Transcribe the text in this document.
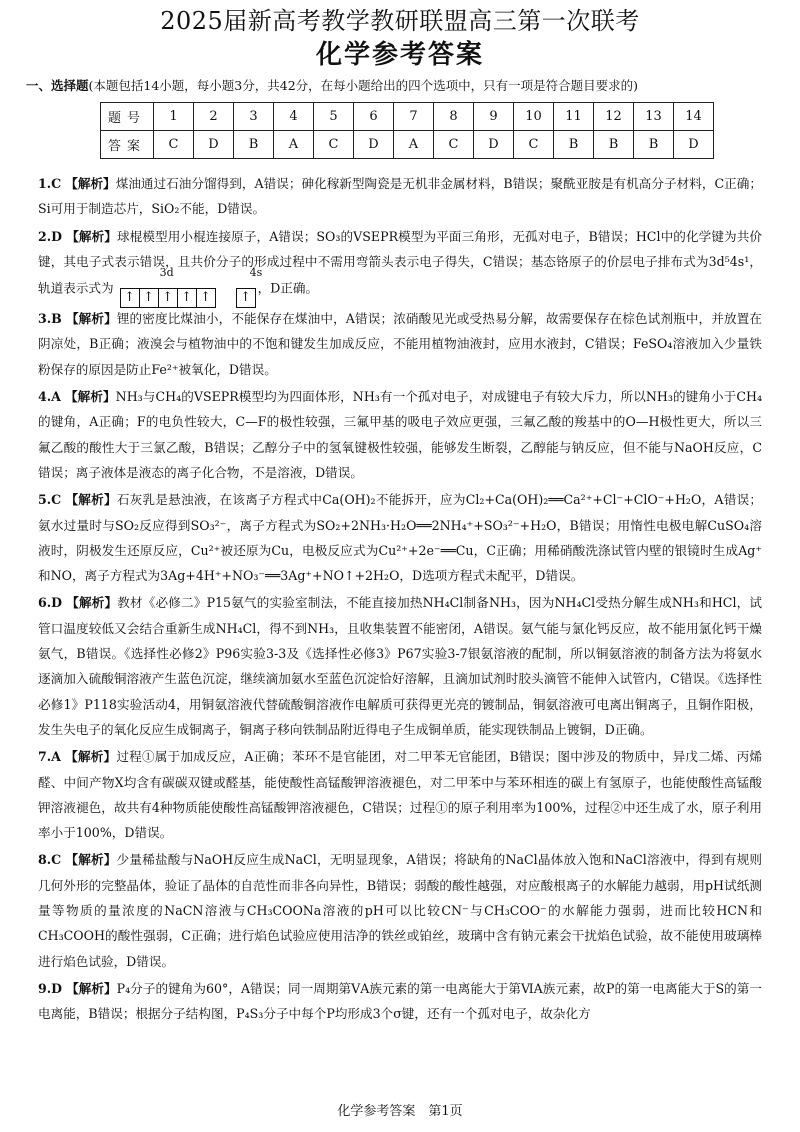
2025届新高考教学教研联盟高三第一次联考
化学参考答案
一、选择题(本题包括14小题，每小题3分，共42分，在每小题给出的四个选项中，只有一项是符合题目要求的)
题号	1	2	3	4	5	6	7	8	9	10	11	12	13	14
答案	C	D	B	A	C	D	A	C	D	C	B	B	B	D
1.C 【解析】煤油通过石油分馏得到，A错误；砷化稼新型陶瓷是无机非金属材料，B错误；聚酰亚胺是有机高分子材料，C正确；Si可用于制造芯片，SiO₂不能，D错误。
2.D 【解析】球棍模型用小棍连接原子，A错误；SO₃的VSEPR模型为平面三角形，无孤对电子，B错误；HCl中的化学键为共价键，其电子式表示错误，且共价分子的形成过程中不需用弯箭头表示电子得失，C错误；基态铬原子的价层电子排布式为3d⁵4s¹，轨道表示式为
3d
↑ ↑ ↑ ↑ ↑
4s
↑，D正确。
3.B 【解析】锂的密度比煤油小，不能保存在煤油中，A错误；浓硝酸见光或受热易分解，故需要保存在棕色试剂瓶中，并放置在阴凉处，B正确；液溴会与植物油中的不饱和键发生加成反应，不能用植物油液封，应用水液封，C错误；FeSO₄溶液加入少量铁粉保存的原因是防止Fe²⁺被氧化，D错误。
4.A 【解析】NH₃与CH₄的VSEPR模型均为四面体形，NH₃有一个孤对电子，对成键电子有较大斥力，所以NH₃的键角小于CH₄的键角，A正确；F的电负性较大，C—F的极性较强，三氟甲基的吸电子效应更强，三氟乙酸的羧基中的O—H极性更大，所以三氟乙酸的酸性大于三氯乙酸，B错误；乙醇分子中的氢氧键极性较强，能够发生断裂，乙醇能与钠反应，但不能与NaOH反应，C错误；离子液体是液态的离子化合物，不是溶液，D错误。
5.C 【解析】石灰乳是悬浊液，在该离子方程式中Ca(OH)₂不能拆开，应为Cl₂+Ca(OH)₂══Ca²⁺+Cl⁻+ClO⁻+H₂O，A错误；氨水过量时与SO₂反应得到SO₃²⁻，离子方程式为SO₂+2NH₃·H₂O══2NH₄⁺+SO₃²⁻+H₂O，B错误；用惰性电极电解CuSO₄溶液时，阴极发生还原反应，Cu²⁺被还原为Cu，电极反应式为Cu²⁺+2e⁻══Cu，C正确；用稀硝酸洗涤试管内壁的银镜时生成Ag⁺和NO，离子方程式为3Ag+4H⁺+NO₃⁻══3Ag⁺+NO↑+2H₂O，D选项方程式未配平，D错误。
6.D 【解析】教材《必修二》P15氨气的实验室制法，不能直接加热NH₄Cl制备NH₃，因为NH₄Cl受热分解生成NH₃和HCl，试管口温度较低又会结合重新生成NH₄Cl，得不到NH₃，且收集装置不能密闭，A错误。氨气能与氯化钙反应，故不能用氯化钙干燥氨气，B错误。《选择性必修2》P96实验3-3及《选择性必修3》P67实验3-7银氨溶液的配制，所以铜氨溶液的制备方法为将氨水逐滴加入硫酸铜溶液产生蓝色沉淀，继续滴加氨水至蓝色沉淀恰好溶解，且滴加试剂时胶头滴管不能伸入试管内，C错误。《选择性必修1》P118实验活动4，用铜氨溶液代替硫酸铜溶液作电解质可获得更光亮的镀制品，铜氨溶液可电离出铜离子，且铜作阳极，发生失电子的氧化反应生成铜离子，铜离子移向铁制品附近得电子生成铜单质，能实现铁制品上镀铜，D正确。
7.A 【解析】过程①属于加成反应，A正确；苯环不是官能团，对二甲苯无官能团，B错误；图中涉及的物质中，异戊二烯、丙烯醛、中间产物X均含有碳碳双键或醛基，能使酸性高锰酸钾溶液褪色，对二甲苯中与苯环相连的碳上有氢原子，也能使酸性高锰酸钾溶液褪色，故共有4种物质能使酸性高锰酸钾溶液褪色，C错误；过程①的原子利用率为100%，过程②中还生成了水，原子利用率小于100%，D错误。
8.C 【解析】少量稀盐酸与NaOH反应生成NaCl，无明显现象，A错误；将缺角的NaCl晶体放入饱和NaCl溶液中，得到有规则几何外形的完整晶体，验证了晶体的自范性而非各向异性，B错误；弱酸的酸性越强，对应酸根离子的水解能力越弱，用pH试纸测量等物质的量浓度的NaCN溶液与CH₃COONa溶液的pH可以比较CN⁻与CH₃COO⁻的水解能力强弱，进而比较HCN和CH₃COOH的酸性强弱，C正确；进行焰色试验应使用洁净的铁丝或铂丝，玻璃中含有钠元素会干扰焰色试验，故不能使用玻璃棒进行焰色试验，D错误。
9.D 【解析】P₄分子的键角为60°，A错误；同一周期第ⅤA族元素的第一电离能大于第ⅥA族元素，故P的第一电离能大于S的第一电离能，B错误；根据分子结构图，P₄S₃分子中每个P均形成3个σ键，还有一个孤对电子，故杂化方
化学参考答案　第1页
